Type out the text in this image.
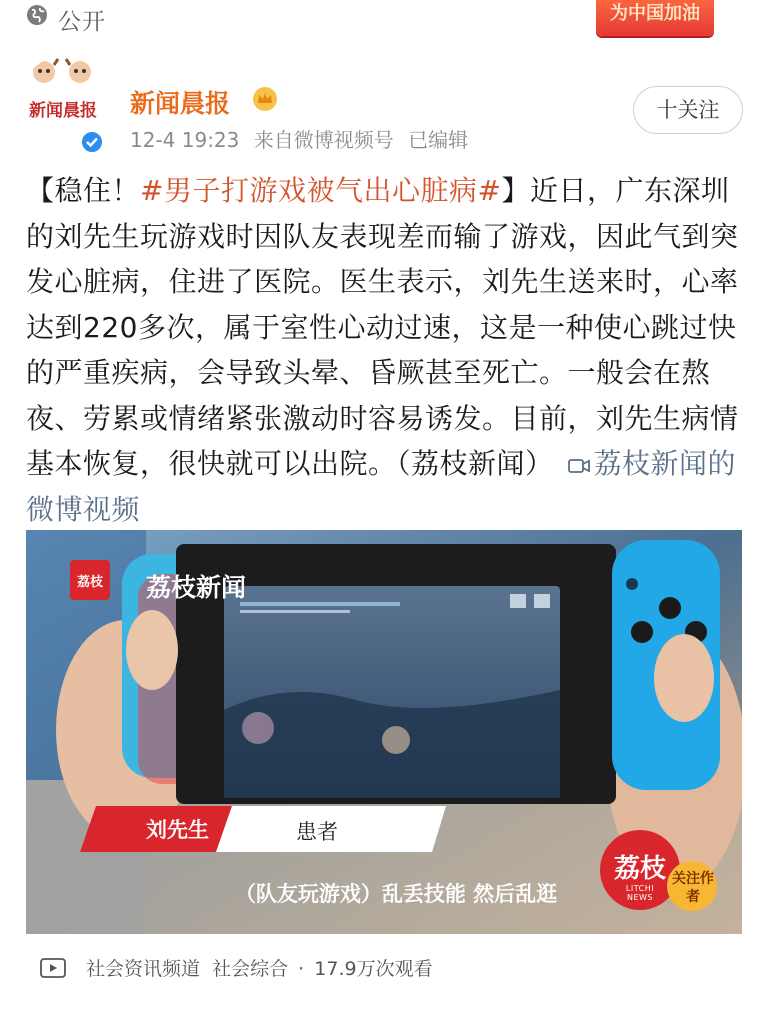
公开	为中国加油
新闻晨报 新闻晨报
12-4 19:23 来自微博视频号 已编辑
十关注
【稳住！#男子打游戏被气出心脏病#】近日，广东深圳的刘先生玩游戏时因队友表现差而输了游戏，因此气到突发心脏病，住进了医院。医生表示，刘先生送来时，心率达到220多次，属于室性心动过速，这是一种使心跳过快的严重疾病，会导致头晕、昏厥甚至死亡。一般会在熬夜、劳累或情绪紧张激动时容易诱发。目前，刘先生病情基本恢复，很快就可以出院。（荔枝新闻） 荔枝新闻的微博视频
荔枝 荔枝新闻
刘先生	患者
（队友玩游戏）乱丢技能 然后乱逛
荔枝
LITCHI NEWS
关注作者
社会资讯频道 社会综合 · 17.9万次观看
